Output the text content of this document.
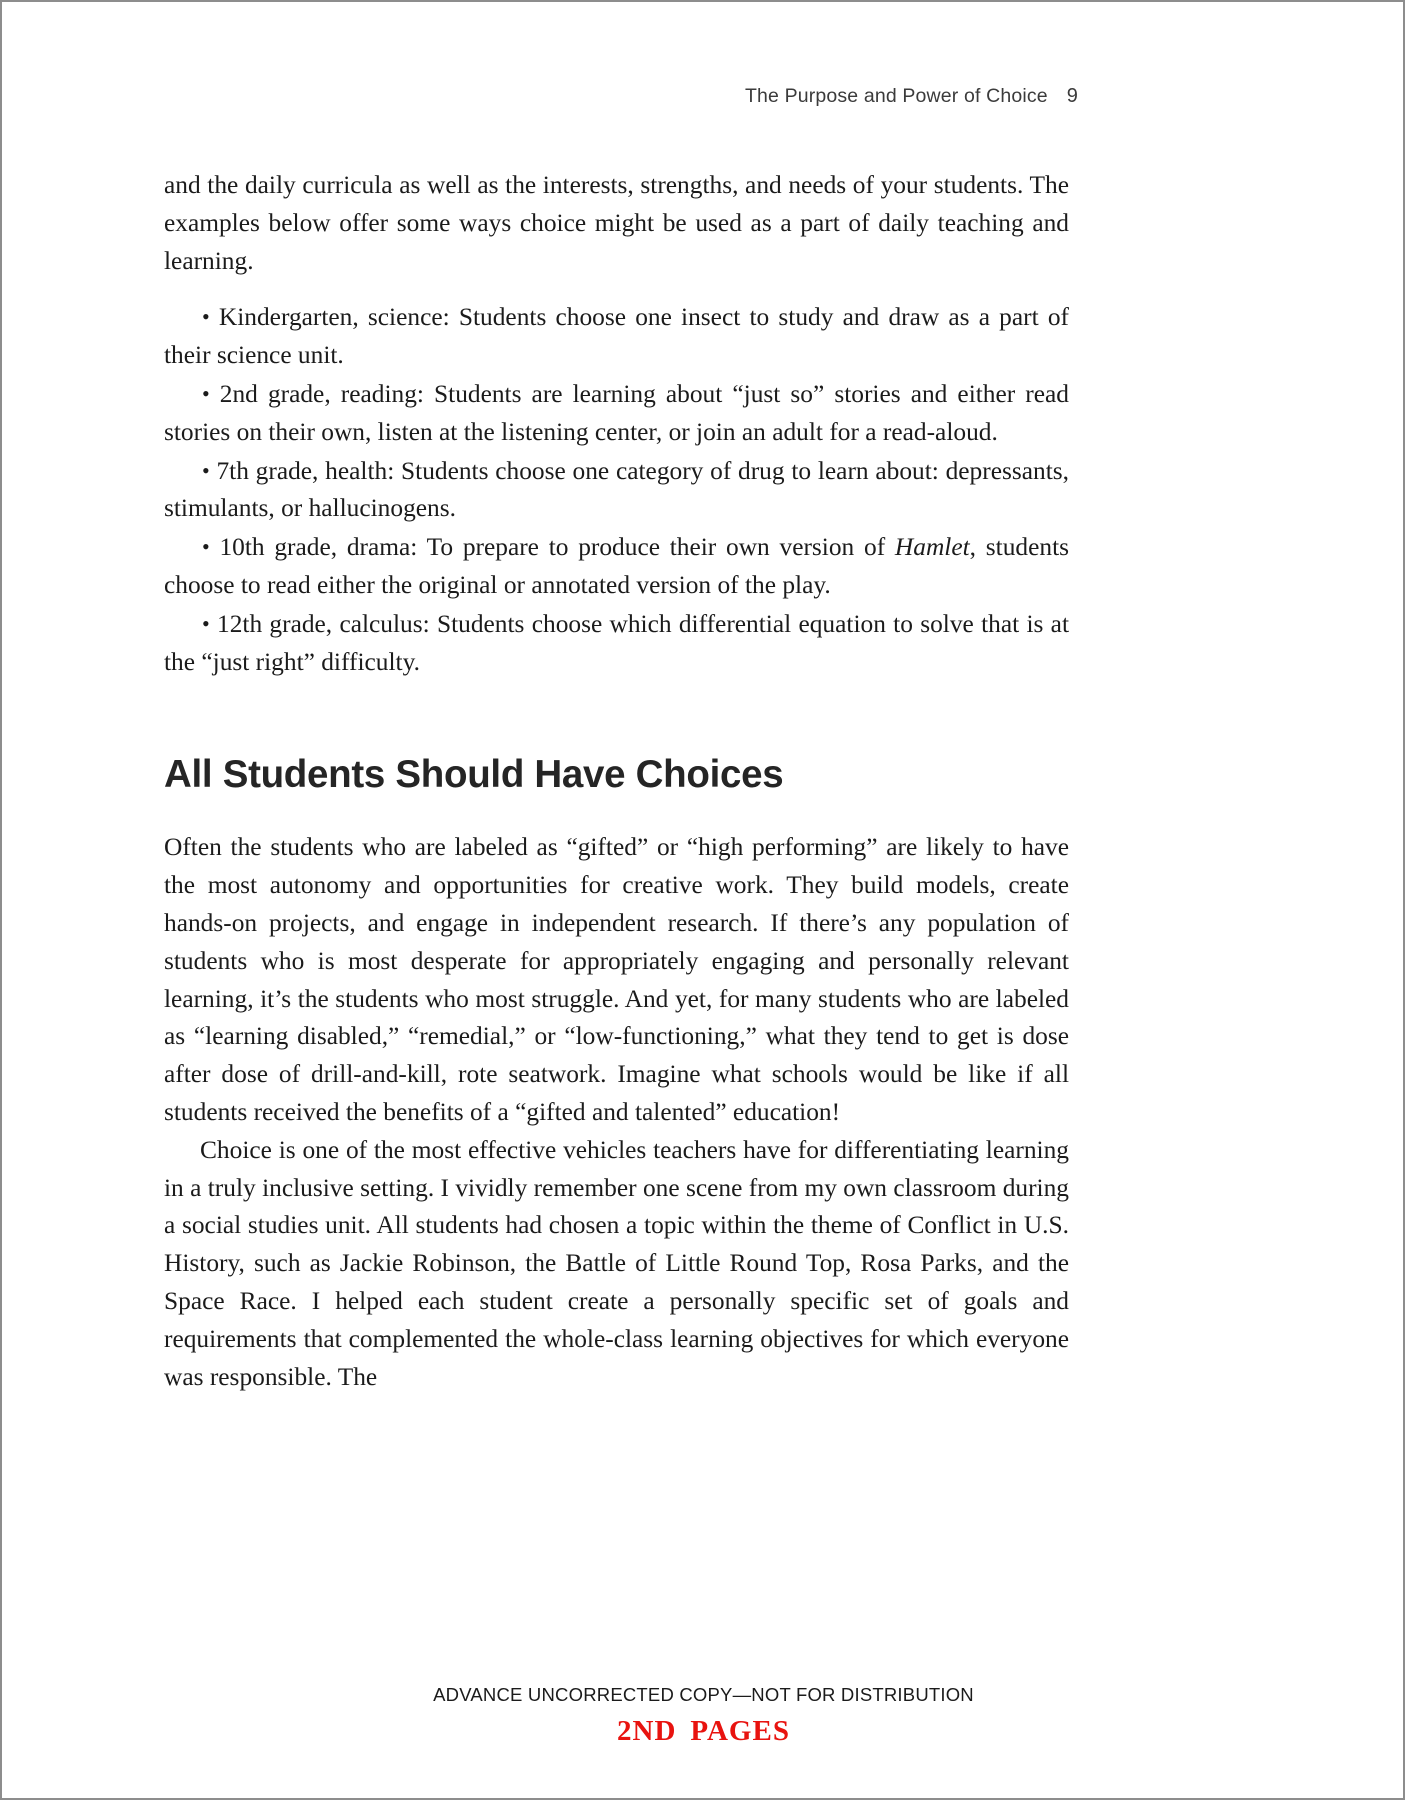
The Purpose and Power of Choice 9

and the daily curricula as well as the interests, strengths, and needs of your students. The examples below offer some ways choice might be used as a part of daily teaching and learning.

• Kindergarten, science: Students choose one insect to study and draw as a part of their science unit.

• 2nd grade, reading: Students are learning about “just so” stories and either read stories on their own, listen at the listening center, or join an adult for a read-aloud.

• 7th grade, health: Students choose one category of drug to learn about: depressants, stimulants, or hallucinogens.

• 10th grade, drama: To prepare to produce their own version of Hamlet, students choose to read either the original or annotated version of the play.

• 12th grade, calculus: Students choose which differential equation to solve that is at the “just right” difficulty.

All Students Should Have Choices

Often the students who are labeled as “gifted” or “high performing” are likely to have the most autonomy and opportunities for creative work. They build models, create hands-on projects, and engage in independent research. If there’s any population of students who is most desperate for appropriately engaging and personally relevant learning, it’s the students who most struggle. And yet, for many students who are labeled as “learning disabled,” “remedial,” or “low-functioning,” what they tend to get is dose after dose of drill-and-kill, rote seatwork. Imagine what schools would be like if all students received the benefits of a “gifted and talented” education!

Choice is one of the most effective vehicles teachers have for differentiating learning in a truly inclusive setting. I vividly remember one scene from my own classroom during a social studies unit. All students had chosen a topic within the theme of Conflict in U.S. History, such as Jackie Robinson, the Battle of Little Round Top, Rosa Parks, and the Space Race. I helped each student create a personally specific set of goals and requirements that complemented the whole-class learning objectives for which everyone was responsible. The

ADVANCE UNCORRECTED COPY—NOT FOR DISTRIBUTION
2ND PAGES
